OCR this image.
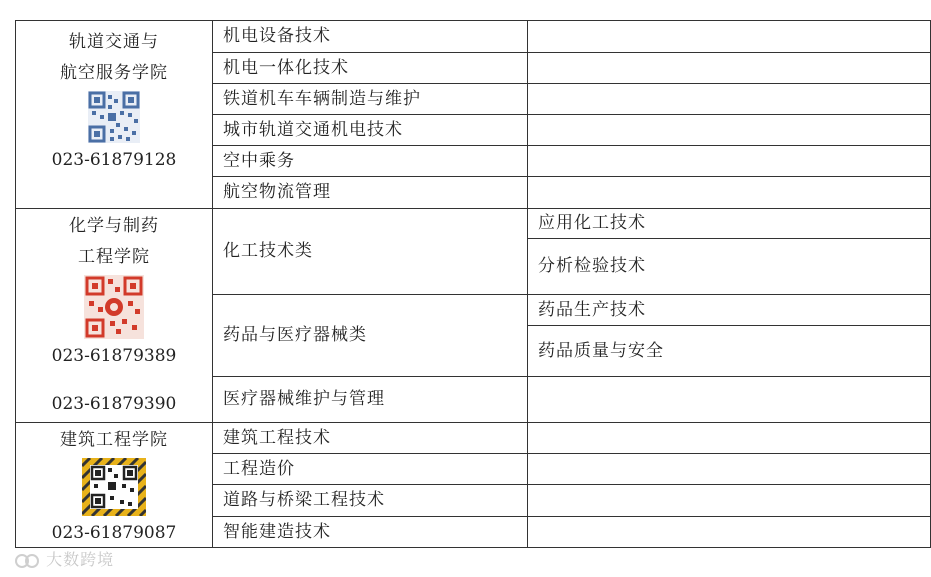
轨道交通与
航空服务学院
023-61879128	机电设备技术	
	机电一体化技术	
	铁道机车车辆制造与维护	
	城市轨道交通机电技术	
	空中乘务	
	航空物流管理	

化学与制药
工程学院
023-61879389
023-61879390	化工技术类	应用化工技术
		分析检验技术
	药品与医疗器械类	药品生产技术
		药品质量与安全
	医疗器械维护与管理	

建筑工程学院
023-61879087	建筑工程技术	
	工程造价	
	道路与桥梁工程技术	
	智能建造技术	
大数跨境
